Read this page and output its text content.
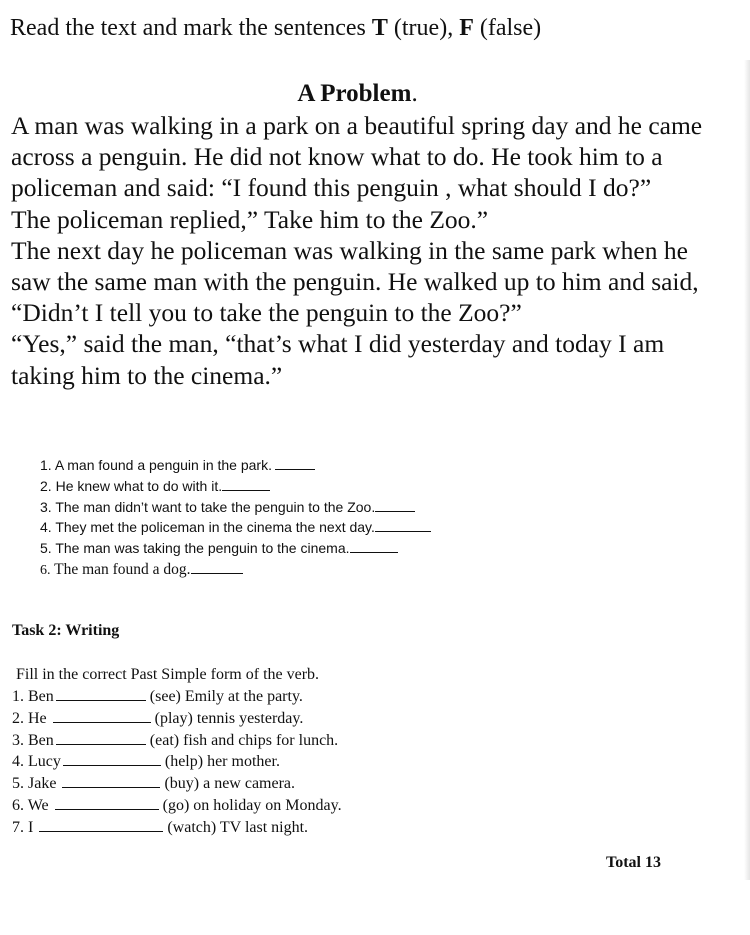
Read the text and mark the sentences T (true), F (false)
A Problem.

A man was walking in a park on a beautiful spring day and he came across a penguin. He did not know what to do. He took him to a policeman and said: “I found this penguin , what should I do?”

The policeman replied,” Take him to the Zoo.”

The next day he policeman was walking in the same park when he saw the same man with the penguin. He walked up to him and said, “Didn’t I tell you to take the penguin to the Zoo?”

“Yes,” said the man, “that’s what I did yesterday and today I am taking him to the cinema.”

1. A man found a penguin in the park.
2. He knew what to do with it.
3. The man didn’t want to take the penguin to the Zoo.
4. They met the policeman in the cinema the next day.
5. The man was taking the penguin to the cinema.
6. The man found a dog.
Task 2: Writing
Fill in the correct Past Simple form of the verb.
1. Ben	(see) Emily at the party.
2. He	(play) tennis yesterday.
3. Ben	(eat) fish and chips for lunch.
4. Lucy	(help) her mother.
5. Jake	(buy) a new camera.
6. We	(go) on holiday on Monday.
7. I	(watch) TV last night.
Total 13
